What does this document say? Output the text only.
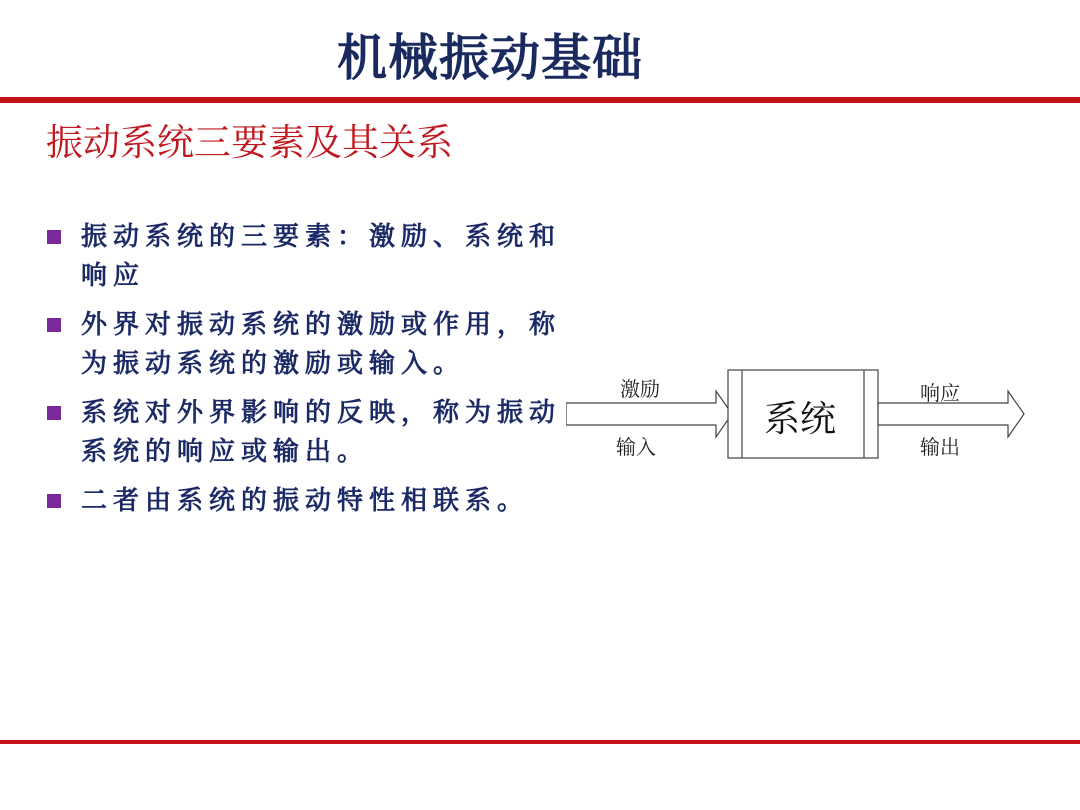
机械振动基础
振动系统三要素及其关系
振动系统的三要素：激励、系统和响应
外界对振动系统的激励或作用，称为振动系统的激励或输入。
系统对外界影响的反映，称为振动系统的响应或输出。
二者由系统的振动特性相联系。
激励
输入
系统
响应
输出
